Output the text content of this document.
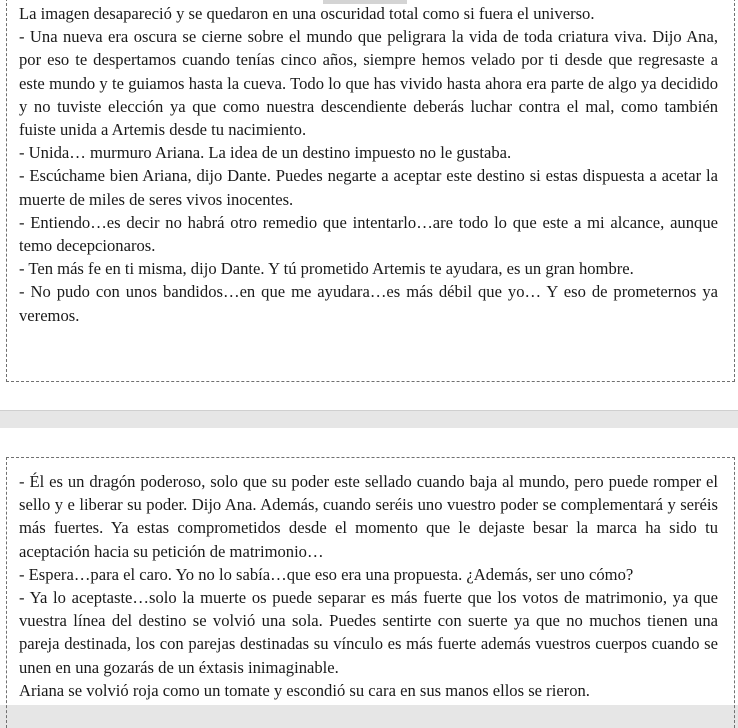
La imagen desapareció y se quedaron en una oscuridad total como si fuera el universo.

- Una nueva era oscura se cierne sobre el mundo que peligrara la vida de toda criatura viva. Dijo Ana, por eso te despertamos cuando tenías cinco años, siempre hemos velado por ti desde que regresaste a este mundo y te guiamos hasta la cueva. Todo lo que has vivido hasta ahora era parte de algo ya decidido y no tuviste elección ya que como nuestra descendiente deberás luchar contra el mal, como también fuiste unida a Artemis desde tu nacimiento.

- Unida… murmuro Ariana. La idea de un destino impuesto no le gustaba.

- Escúchame bien Ariana, dijo Dante. Puedes negarte a aceptar este destino si estas dispuesta a acetar la muerte de miles de seres vivos inocentes.

- Entiendo…es decir no habrá otro remedio que intentarlo…are todo lo que este a mi alcance, aunque temo decepcionaros.

- Ten más fe en ti misma, dijo Dante. Y tú prometido Artemis te ayudara, es un gran hombre.

- No pudo con unos bandidos…en que me ayudara…es más débil que yo… Y eso de prometernos ya veremos.

- Él es un dragón poderoso, solo que su poder este sellado cuando baja al mundo, pero puede romper el sello y e liberar su poder. Dijo Ana. Además, cuando seréis uno vuestro poder se complementará y seréis más fuertes. Ya estas comprometidos desde el momento que le dejaste besar la marca ha sido tu aceptación hacia su petición de matrimonio…

- Espera…para el caro. Yo no lo sabía…que eso era una propuesta. ¿Además, ser uno cómo?

- Ya lo aceptaste…solo la muerte os puede separar es más fuerte que los votos de matrimonio, ya que vuestra línea del destino se volvió una sola. Puedes sentirte con suerte ya que no muchos tienen una pareja destinada, los con parejas destinadas su vínculo es más fuerte además vuestros cuerpos cuando se unen en una gozarás de un éxtasis inimaginable.

Ariana se volvió roja como un tomate y escondió su cara en sus manos ellos se rieron.
